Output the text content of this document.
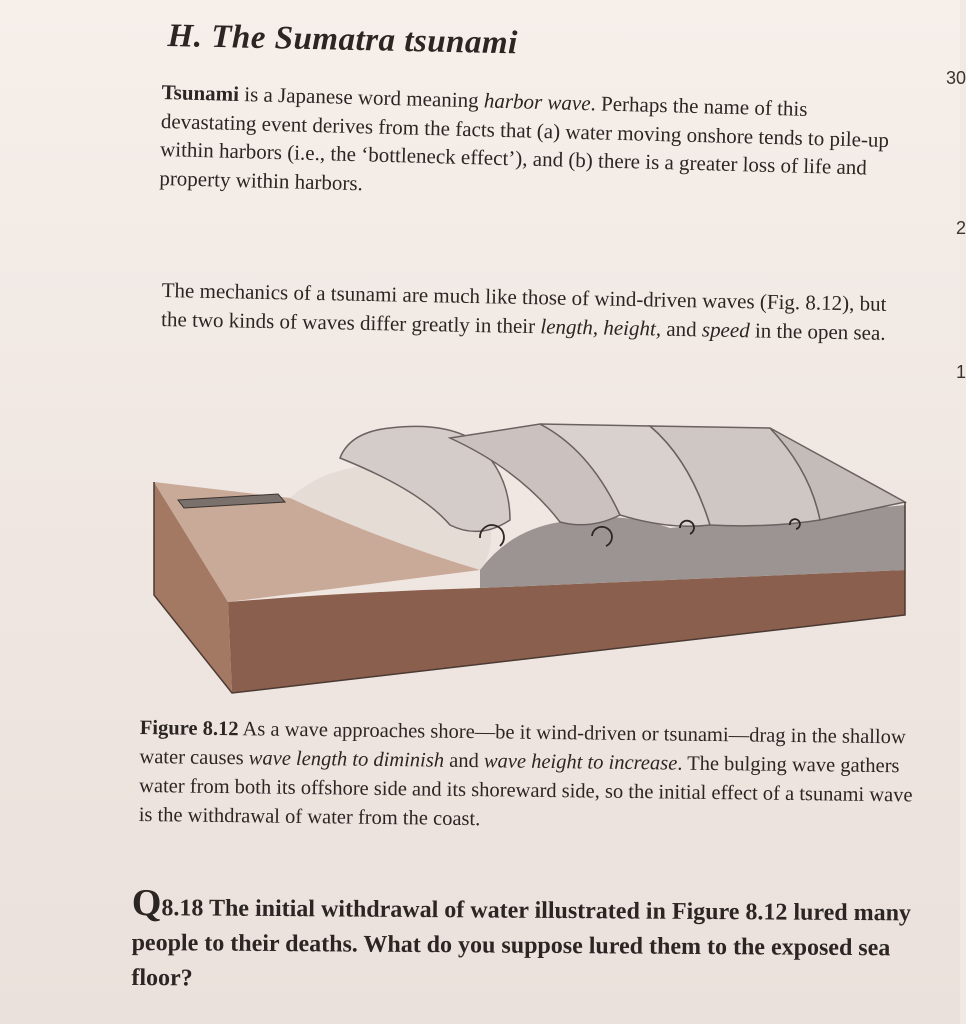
H. The Sumatra tsunami

Tsunami is a Japanese word meaning harbor wave. Perhaps the name of this devastating event derives from the facts that (a) water moving onshore tends to pile-up within harbors (i.e., the ‘bottleneck effect’), and (b) there is a greater loss of life and property within harbors.

The mechanics of a tsunami are much like those of wind-driven waves (Fig. 8.12), but the two kinds of waves differ greatly in their length, height, and speed in the open sea.

30
2
1

Figure 8.12 As a wave approaches shore—be it wind-driven or tsunami—drag in the shallow water causes wave length to diminish and wave height to increase. The bulging wave gathers water from both its offshore side and its shoreward side, so the initial effect of a tsunami wave is the withdrawal of water from the coast.

Q8.18 The initial withdrawal of water illustrated in Figure 8.12 lured many people to their deaths. What do you suppose lured them to the exposed sea floor?
